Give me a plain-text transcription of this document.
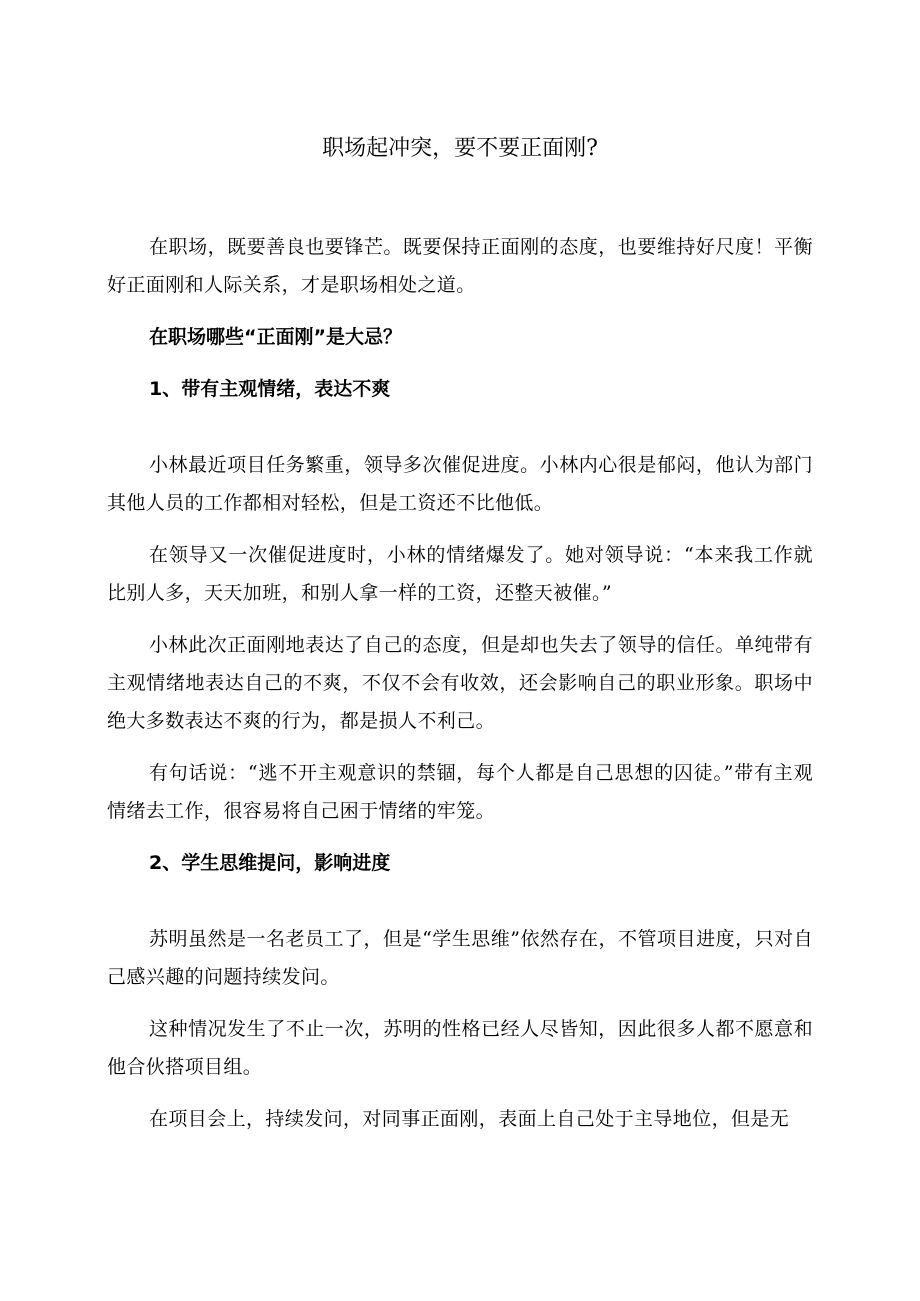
职场起冲突，要不要正面刚?

在职场，既要善良也要锋芒。既要保持正面刚的态度，也要维持好尺度！平衡好正面刚和人际关系，才是职场相处之道。

在职场哪些“正面刚”是大忌？

1、带有主观情绪，表达不爽

小林最近项目任务繁重，领导多次催促进度。小林内心很是郁闷，他认为部门其他人员的工作都相对轻松，但是工资还不比他低。

在领导又一次催促进度时，小林的情绪爆发了。她对领导说：“本来我工作就比别人多，天天加班，和别人拿一样的工资，还整天被催。”

小林此次正面刚地表达了自己的态度，但是却也失去了领导的信任。单纯带有主观情绪地表达自己的不爽，不仅不会有收效，还会影响自己的职业形象。职场中绝大多数表达不爽的行为，都是损人不利己。

有句话说：“逃不开主观意识的禁锢，每个人都是自己思想的囚徒。”带有主观情绪去工作，很容易将自己困于情绪的牢笼。

2、学生思维提问，影响进度

苏明虽然是一名老员工了，但是“学生思维”依然存在，不管项目进度，只对自己感兴趣的问题持续发问。

这种情况发生了不止一次，苏明的性格已经人尽皆知，因此很多人都不愿意和他合伙搭项目组。

在项目会上，持续发问，对同事正面刚，表面上自己处于主导地位，但是无
